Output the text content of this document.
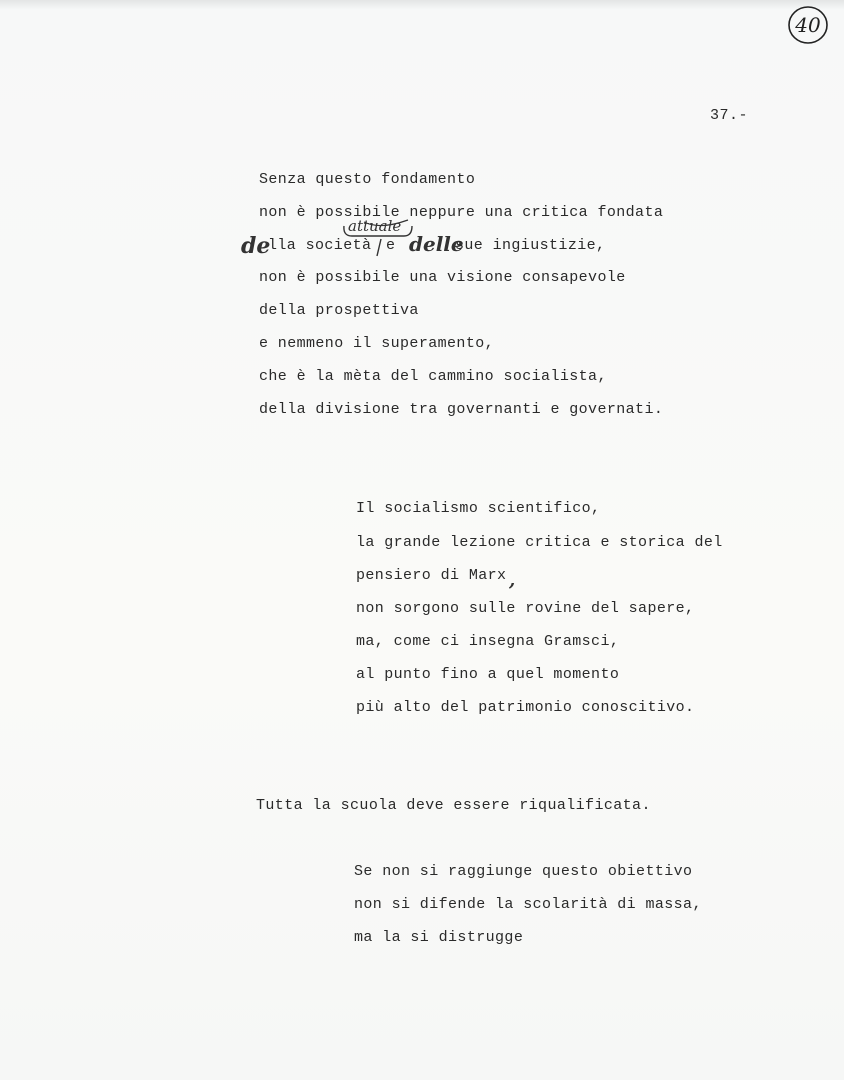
40
37.-
Senza questo fondamento
non è possibile neppure una critica fondata
de
lla società
attuale
e delle
sue ingiustizie,
non è possibile una visione consapevole
della prospettiva
e nemmeno il superamento,
che è la mèta del cammino socialista,
della divisione tra governanti e governati.
Il socialismo scientifico,
la grande lezione critica e storica del
pensiero di Marx ,
non sorgono sulle rovine del sapere,
ma, come ci insegna Gramsci,
al punto fino a quel momento
più alto del patrimonio conoscitivo.
Tutta la scuola deve essere riqualificata.
Se non si raggiunge questo obiettivo
non si difende la scolarità di massa,
ma la si distrugge
